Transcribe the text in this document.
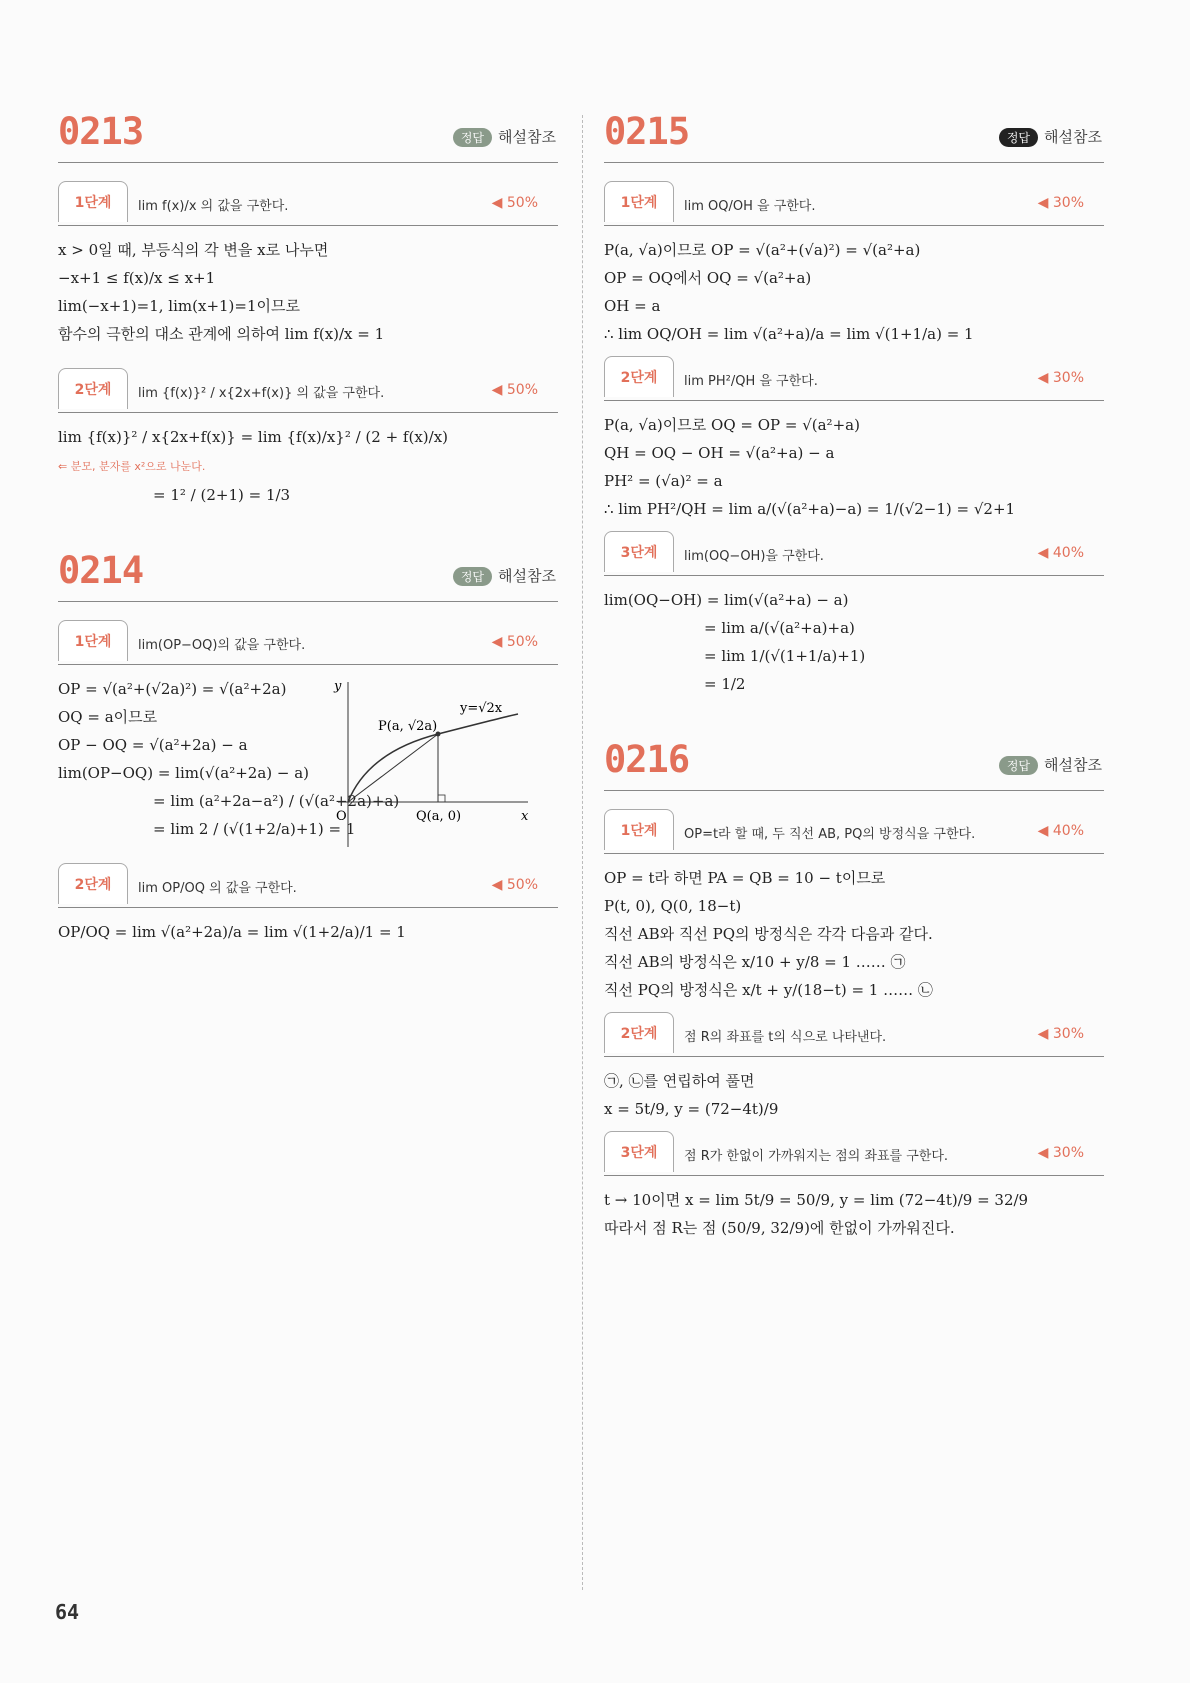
0213	정답 해설참조
1단계	lim f(x)/x 의 값을 구한다.	◀ 50%
x > 0일 때, 부등식의 각 변을 x로 나누면
−x+1 ≤ f(x)/x ≤ x+1
lim(−x+1)=1, lim(x+1)=1이므로
함수의 극한의 대소 관계에 의하여 lim f(x)/x = 1
2단계	lim {f(x)}² / x{2x+f(x)} 의 값을 구한다.	◀ 50%
lim {f(x)}² / x{2x+f(x)} = lim {f(x)/x}² / (2 + f(x)/x)
⇐ 분모, 분자를 x²으로 나눈다.
= 1² / (2+1) = 1/3
0214	정답 해설참조
1단계	lim(OP−OQ)의 값을 구한다.	◀ 50%
OP = √(a²+(√2a)²) = √(a²+2a)
OQ = a이므로
OP − OQ = √(a²+2a) − a
lim(OP−OQ) = lim(√(a²+2a) − a)
= lim (a²+2a−a²) / (√(a²+2a)+a)
= lim 2 / (√(1+2/a)+1) = 1
2단계	lim OP/OQ 의 값을 구한다.	◀ 50%
OP/OQ = lim √(a²+2a)/a = lim √(1+2/a)/1 = 1
P(a, √2a)
y=√2x
Q(a, 0)
O	x
y
0215	정답 해설참조
1단계	lim OQ/OH 을 구한다.	◀ 30%
P(a, √a)이므로 OP = √(a²+(√a)²) = √(a²+a)
OP = OQ에서 OQ = √(a²+a)
OH = a
∴ lim OQ/OH = lim √(a²+a)/a = lim √(1+1/a) = 1
2단계	lim PH²/QH 을 구한다.	◀ 30%
P(a, √a)이므로 OQ = OP = √(a²+a)
QH = OQ − OH = √(a²+a) − a
PH² = (√a)² = a
∴ lim PH²/QH = lim a/(√(a²+a)−a) = 1/(√2−1) = √2+1
3단계	lim(OQ−OH)을 구한다.	◀ 40%
lim(OQ−OH) = lim(√(a²+a) − a)
= lim a/(√(a²+a)+a)
= lim 1/(√(1+1/a)+1)
= 1/2
0216	정답 해설참조
1단계	OP=t라 할 때, 두 직선 AB, PQ의 방정식을 구한다.	◀ 40%
OP = t라 하면 PA = QB = 10 − t이므로
P(t, 0), Q(0, 18−t)
직선 AB와 직선 PQ의 방정식은 각각 다음과 같다.
직선 AB의 방정식은 x/10 + y/8 = 1 …… ㉠
직선 PQ의 방정식은 x/t + y/(18−t) = 1 …… ㉡
2단계	점 R의 좌표를 t의 식으로 나타낸다.	◀ 30%
㉠, ㉡를 연립하여 풀면
x = 5t/9, y = (72−4t)/9
3단계	점 R가 한없이 가까워지는 점의 좌표를 구한다.	◀ 30%
t → 10이면 x = lim 5t/9 = 50/9, y = lim (72−4t)/9 = 32/9
따라서 점 R는 점 (50/9, 32/9)에 한없이 가까워진다.
64
